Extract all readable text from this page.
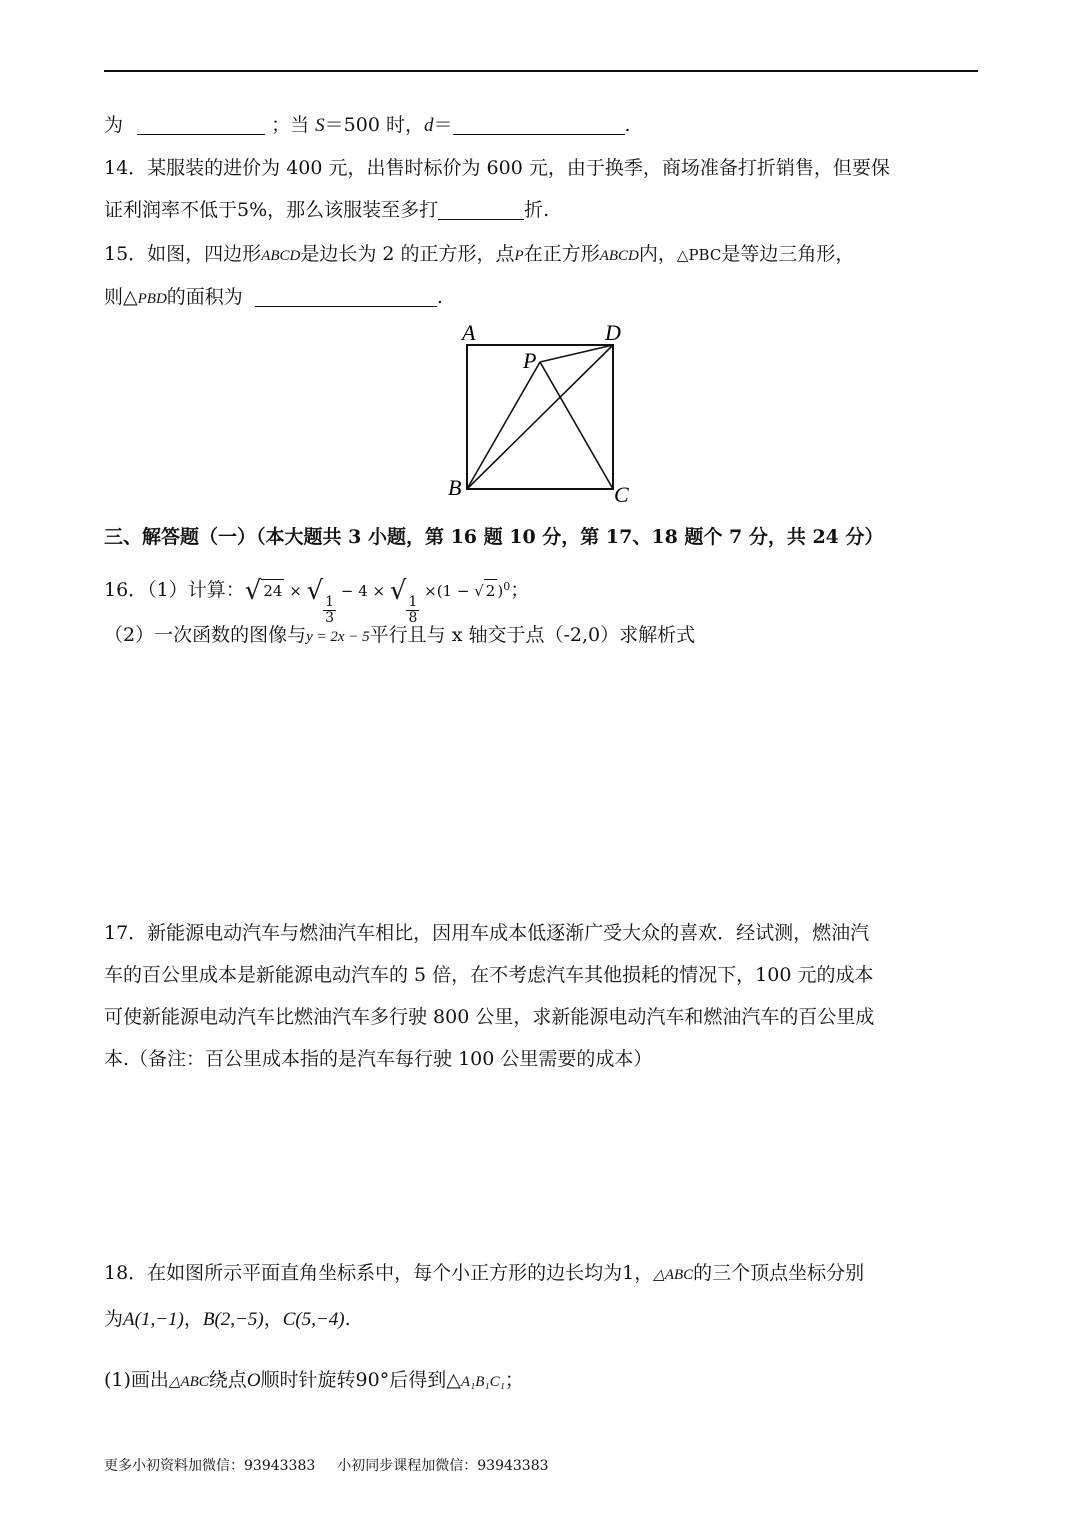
为	；当 S＝500 时，d＝	.
14．某服装的进价为 400 元，出售时标价为 600 元，由于换季，商场准备打折销售，但要保
证利润率不低于5%，那么该服装至多打	折.
15．如图，四边形ABCD是边长为 2 的正方形，点P在正方形ABCD内，△PBC是等边三角形，
则△PBD的面积为	.
A	D
P
B	C
三、解答题（一）（本大题共 3 小题，第 16 题 10 分，第 17、18 题个 7 分，共 24 分）
16．（1）计算：√ 24 × √
$\frac{1}{3}$
− 4 × √
$\frac{1}{8}$
×(1 − √ 2 )$^0$；
（2）一次函数的图像与y = 2x − 5平行且与 x 轴交于点（-2,0）求解析式
17．新能源电动汽车与燃油汽车相比，因用车成本低逐渐广受大众的喜欢．经试测，燃油汽
车的百公里成本是新能源电动汽车的 5 倍，在不考虑汽车其他损耗的情况下，100 元的成本
可使新能源电动汽车比燃油汽车多行驶 800 公里，求新能源电动汽车和燃油汽车的百公里成
本.（备注：百公里成本指的是汽车每行驶 100 公里需要的成本）
18．在如图所示平面直角坐标系中，每个小正方形的边长均为1，△ABC的三个顶点坐标分别
为A(1,−1)，B(2,−5)，C(5,−4).
(1)画出△ABC绕点O顺时针旋转90°后得到△A₁B₁C₁；
更多小初资料加微信：93943383 小初同步课程加微信：93943383
